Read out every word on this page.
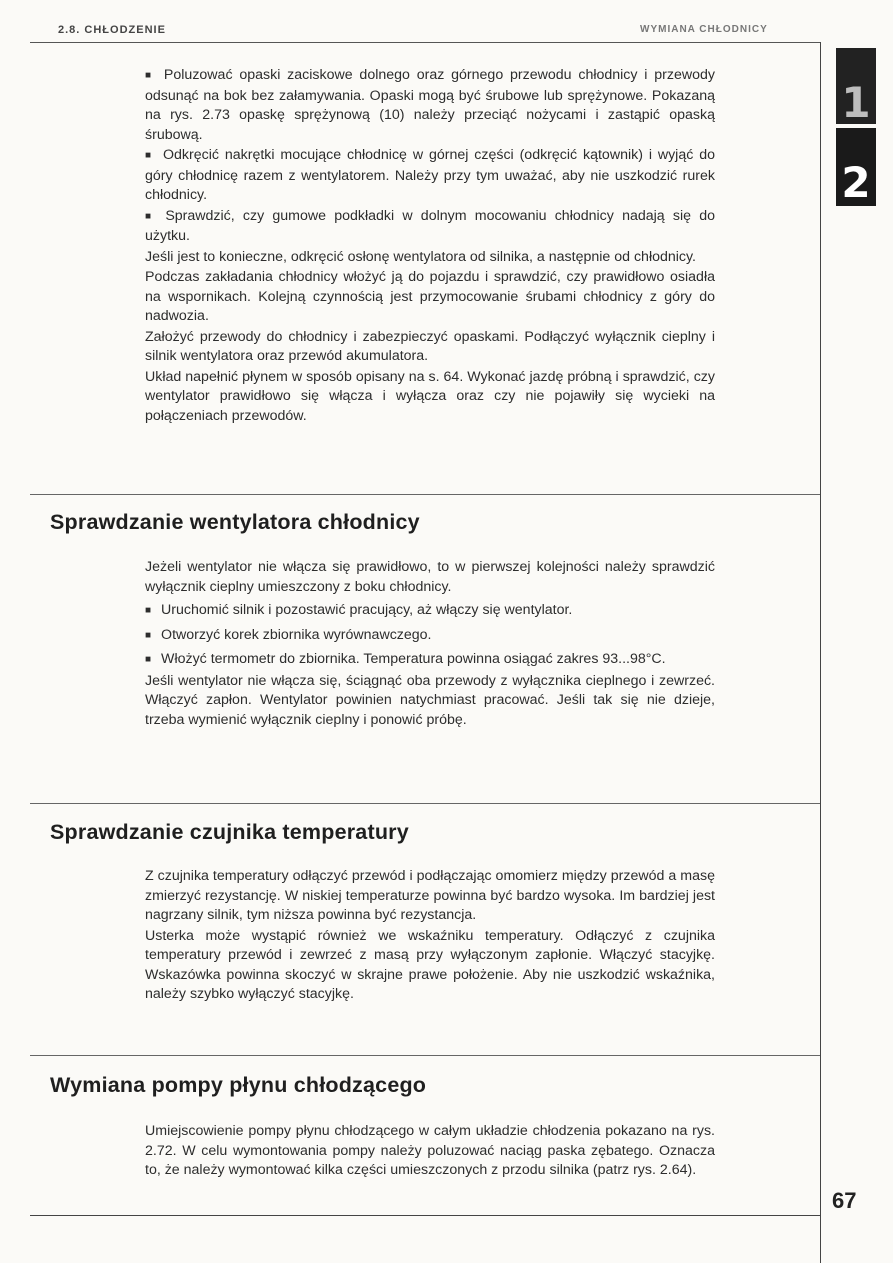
2.8. CHŁODZENIE	WYMIANA CHŁODNICY
1
2

■ Poluzować opaski zaciskowe dolnego oraz górnego przewodu chłodnicy i przewody odsunąć na bok bez załamywania. Opaski mogą być śrubowe lub sprężynowe. Pokazaną na rys. 2.73 opaskę sprężynową (10) należy przeciąć nożycami i zastąpić opaską śrubową.

■ Odkręcić nakrętki mocujące chłodnicę w górnej części (odkręcić kątownik) i wyjąć do góry chłodnicę razem z wentylatorem. Należy przy tym uważać, aby nie uszkodzić rurek chłodnicy.

■ Sprawdzić, czy gumowe podkładki w dolnym mocowaniu chłodnicy nadają się do użytku.

Jeśli jest to konieczne, odkręcić osłonę wentylatora od silnika, a następnie od chłodnicy.

Podczas zakładania chłodnicy włożyć ją do pojazdu i sprawdzić, czy prawidłowo osiadła na wspornikach. Kolejną czynnością jest przymocowanie śrubami chłodnicy z góry do nadwozia.

Założyć przewody do chłodnicy i zabezpieczyć opaskami. Podłączyć wyłącznik cieplny i silnik wentylatora oraz przewód akumulatora.

Układ napełnić płynem w sposób opisany na s. 64. Wykonać jazdę próbną i sprawdzić, czy wentylator prawidłowo się włącza i wyłącza oraz czy nie pojawiły się wycieki na połączeniach przewodów.

Sprawdzanie wentylatora chłodnicy

Jeżeli wentylator nie włącza się prawidłowo, to w pierwszej kolejności należy sprawdzić wyłącznik cieplny umieszczony z boku chłodnicy.

■ Uruchomić silnik i pozostawić pracujący, aż włączy się wentylator.

■ Otworzyć korek zbiornika wyrównawczego.

■ Włożyć termometr do zbiornika. Temperatura powinna osiągać zakres 93...98°C.

Jeśli wentylator nie włącza się, ściągnąć oba przewody z wyłącznika cieplnego i zewrzeć. Włączyć zapłon. Wentylator powinien natychmiast pracować. Jeśli tak się nie dzieje, trzeba wymienić wyłącznik cieplny i ponowić próbę.

Sprawdzanie czujnika temperatury

Z czujnika temperatury odłączyć przewód i podłączając omomierz między przewód a masę zmierzyć rezystancję. W niskiej temperaturze powinna być bardzo wysoka. Im bardziej jest nagrzany silnik, tym niższa powinna być rezystancja.

Usterka może wystąpić również we wskaźniku temperatury. Odłączyć z czujnika temperatury przewód i zewrzeć z masą przy wyłączonym zapłonie. Włączyć stacyjkę. Wskazówka powinna skoczyć w skrajne prawe położenie. Aby nie uszkodzić wskaźnika, należy szybko wyłączyć stacyjkę.

Wymiana pompy płynu chłodzącego

Umiejscowienie pompy płynu chłodzącego w całym układzie chłodzenia pokazano na rys. 2.72. W celu wymontowania pompy należy poluzować naciąg paska zębatego. Oznacza to, że należy wymontować kilka części umieszczonych z przodu silnika (patrz rys. 2.64).

67
